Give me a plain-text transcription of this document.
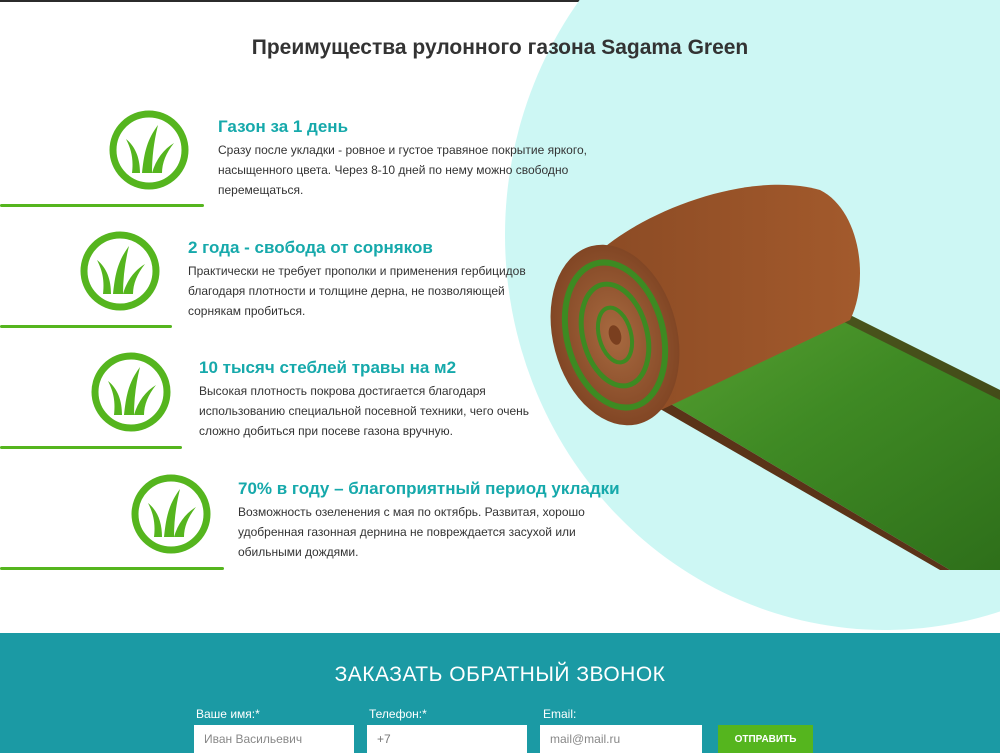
Преимущества рулонного газона Sagama Green
Газон за 1 день
Сразу после укладки - ровное и густое травяное покрытие яркого, насыщенного цвета. Через 8-10 дней по нему можно свободно перемещаться.
2 года - свобода от сорняков
Практически не требует прополки и применения гербицидов благодаря плотности и толщине дерна, не позволяющей сорнякам пробиться.
10 тысяч стеблей травы на м2
Высокая плотность покрова достигается благодаря использованию специальной посевной техники, чего очень сложно добиться при посеве газона вручную.
70% в году – благоприятный период укладки
Возможность озеленения с мая по октябрь. Развитая, хорошо удобренная газонная дернина не повреждается засухой или обильными дождями.
ЗАКАЗАТЬ ОБРАТНЫЙ ЗВОНОК
Ваше имя:*
Иван Васильевич	Телефон:*
+7	Email:
mail@mail.ru
ОТПРАВИТЬ
